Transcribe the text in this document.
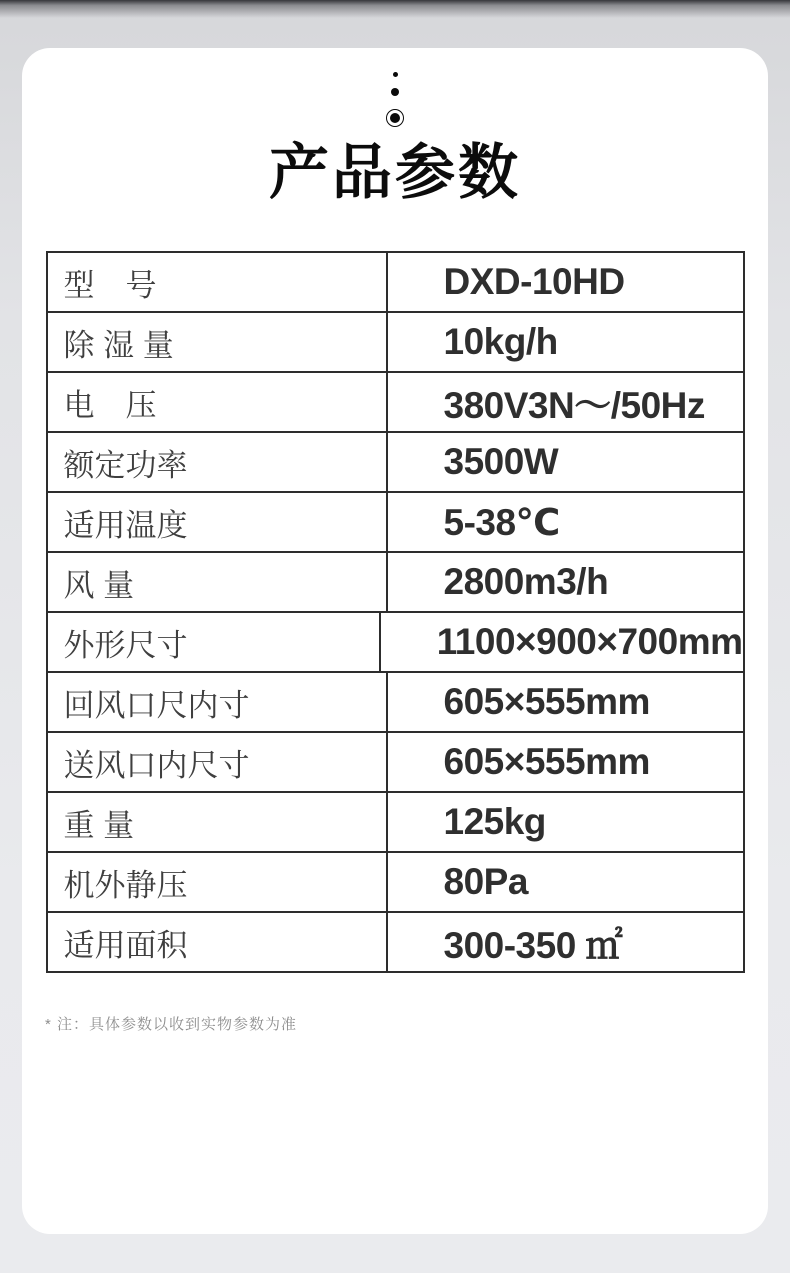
产品参数
型　号	DXD-10HD
除 湿 量	10kg/h
电　压	380V3N～/50Hz
额定功率	3500W
适用温度	5-38℃
风 量	2800m3/h
外形尺寸	1100×900×700mm
回风口尺内寸	605×555mm
送风口内尺寸	605×555mm
重 量	125kg
机外静压	80Pa
适用面积	300-350 ㎡

* 注：具体参数以收到实物参数为准
